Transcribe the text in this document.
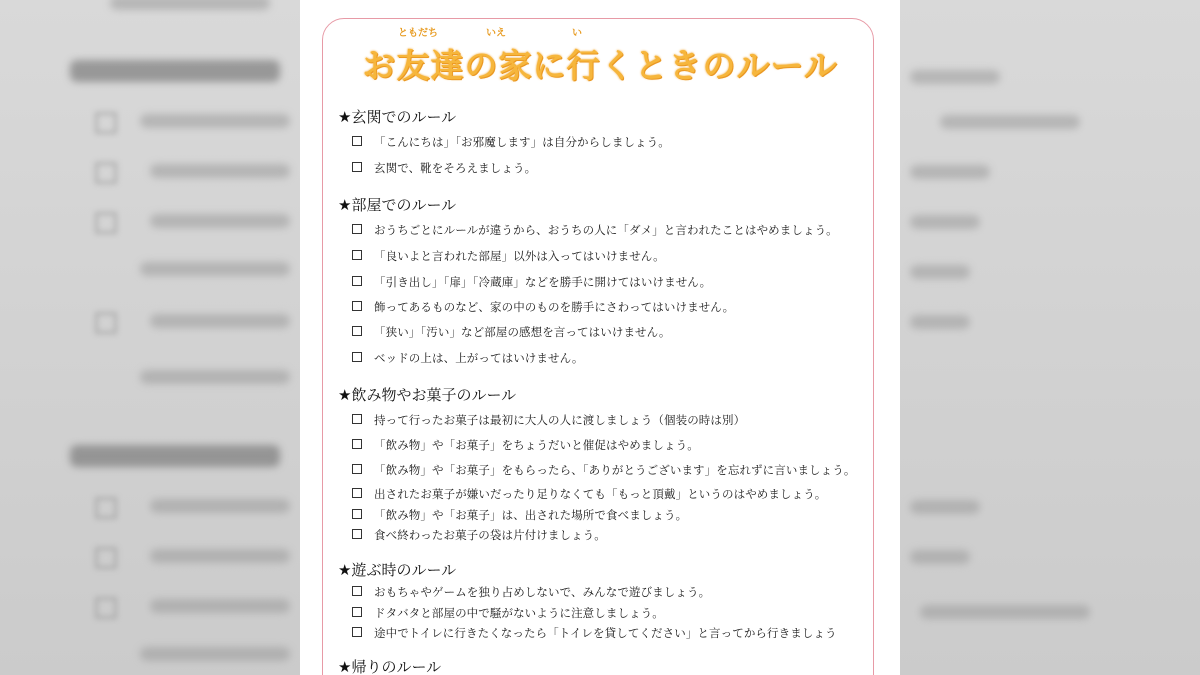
ともだち	いえ	い
お友達の家に行くときのルール
★玄関でのルール
「こんにちは」「お邪魔します」は自分からしましょう。
玄関で、靴をそろえましょう。
★部屋でのルール
おうちごとにルールが違うから、おうちの人に「ダメ」と言われたことはやめましょう。
「良いよと言われた部屋」以外は入ってはいけません。
「引き出し」「扉」「冷蔵庫」などを勝手に開けてはいけません。
飾ってあるものなど、家の中のものを勝手にさわってはいけません。
「狭い」「汚い」など部屋の感想を言ってはいけません。
ベッドの上は、上がってはいけません。
★飲み物やお菓子のルール
持って行ったお菓子は最初に大人の人に渡しましょう（個装の時は別）
「飲み物」や「お菓子」をちょうだいと催促はやめましょう。
「飲み物」や「お菓子」をもらったら、「ありがとうございます」を忘れずに言いましょう。
出されたお菓子が嫌いだったり足りなくても「もっと頂戴」というのはやめましょう。
「飲み物」や「お菓子」は、出された場所で食べましょう。
食べ終わったお菓子の袋は片付けましょう。
★遊ぶ時のルール
おもちゃやゲームを独り占めしないで、みんなで遊びましょう。
ドタバタと部屋の中で騒がないように注意しましょう。
途中でトイレに行きたくなったら「トイレを貸してください」と言ってから行きましょう
★帰りのルール
